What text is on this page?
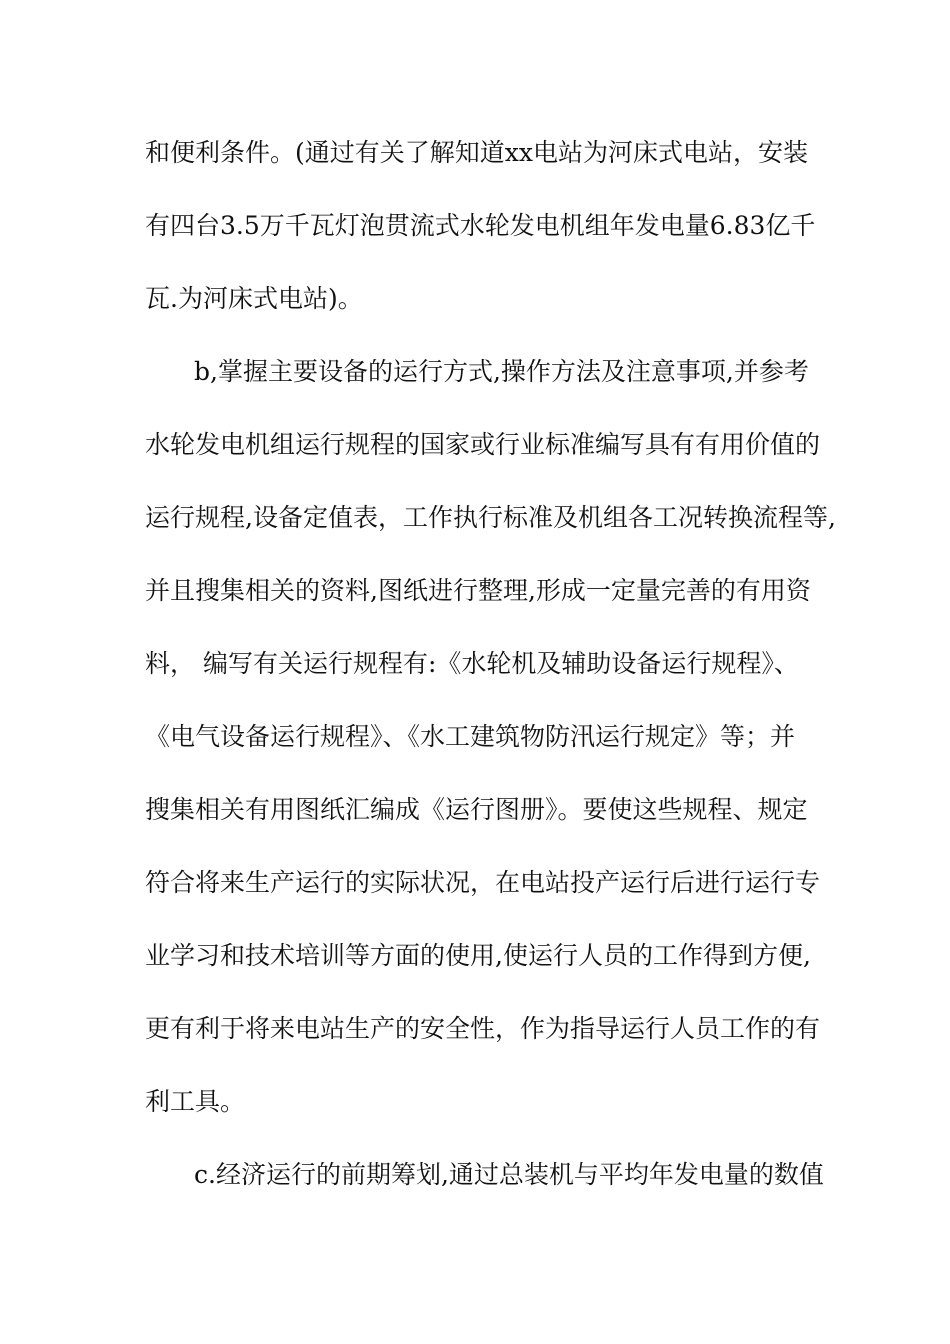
和便利条件。(通过有关了解知道xx电站为河床式电站，安装
有四台3.5万千瓦灯泡贯流式水轮发电机组年发电量6.83亿千
瓦.为河床式电站)。
b,掌握主要设备的运行方式,操作方法及注意事项,并参考
水轮发电机组运行规程的国家或行业标准编写具有有用价值的
运行规程,设备定值表，工作执行标准及机组各工况转换流程等,
并且搜集相关的资料,图纸进行整理,形成一定量完善的有用资
料， 编写有关运行规程有:《水轮机及辅助设备运行规程》、
《电气设备运行规程》、《水工建筑物防汛运行规定》等；并
搜集相关有用图纸汇编成《运行图册》。要使这些规程、规定
符合将来生产运行的实际状况，在电站投产运行后进行运行专
业学习和技术培训等方面的使用,使运行人员的工作得到方便,
更有利于将来电站生产的安全性，作为指导运行人员工作的有
利工具。
c.经济运行的前期筹划,通过总装机与平均年发电量的数值
